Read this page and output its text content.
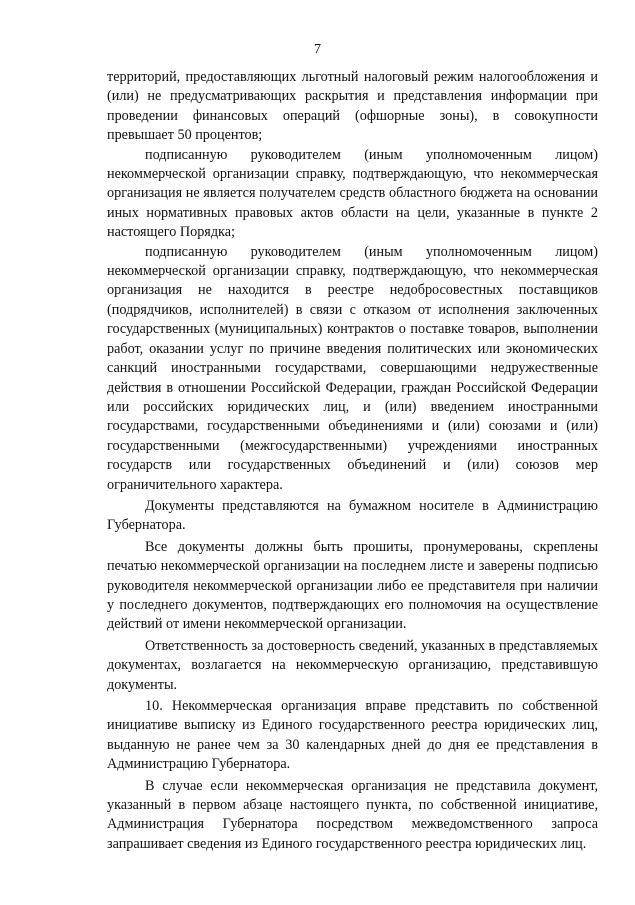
7

территорий, предоставляющих льготный налоговый режим налогообложения и (или) не предусматривающих раскрытия и представления информации при проведении финансовых операций (офшорные зоны), в совокупности превышает 50 процентов;

подписанную руководителем (иным уполномоченным лицом) некоммерческой организации справку, подтверждающую, что некоммерческая организация не является получателем средств областного бюджета на основании иных нормативных правовых актов области на цели, указанные в пункте 2 настоящего Порядка;

подписанную руководителем (иным уполномоченным лицом) некоммерческой организации справку, подтверждающую, что некоммерческая организация не находится в реестре недобросовестных поставщиков (подрядчиков, исполнителей) в связи с отказом от исполнения заключенных государственных (муниципальных) контрактов о поставке товаров, выполнении работ, оказании услуг по причине введения политических или экономических санкций иностранными государствами, совершающими недружественные действия в отношении Российской Федерации, граждан Российской Федерации или российских юридических лиц, и (или) введением иностранными государствами, государственными объединениями и (или) союзами и (или) государственными (межгосударственными) учреждениями иностранных государств или государственных объединений и (или) союзов мер ограничительного характера.

Документы представляются на бумажном носителе в Администрацию Губернатора.

Все документы должны быть прошиты, пронумерованы, скреплены печатью некоммерческой организации на последнем листе и заверены подписью руководителя некоммерческой организации либо ее представителя при наличии у последнего документов, подтверждающих его полномочия на осуществление действий от имени некоммерческой организации.

Ответственность за достоверность сведений, указанных в представляемых документах, возлагается на некоммерческую организацию, представившую документы.

10. Некоммерческая организация вправе представить по собственной инициативе выписку из Единого государственного реестра юридических лиц, выданную не ранее чем за 30 календарных дней до дня ее представления в Администрацию Губернатора.

В случае если некоммерческая организация не представила документ, указанный в первом абзаце настоящего пункта, по собственной инициативе, Администрация Губернатора посредством межведомственного запроса запрашивает сведения из Единого государственного реестра юридических лиц.
